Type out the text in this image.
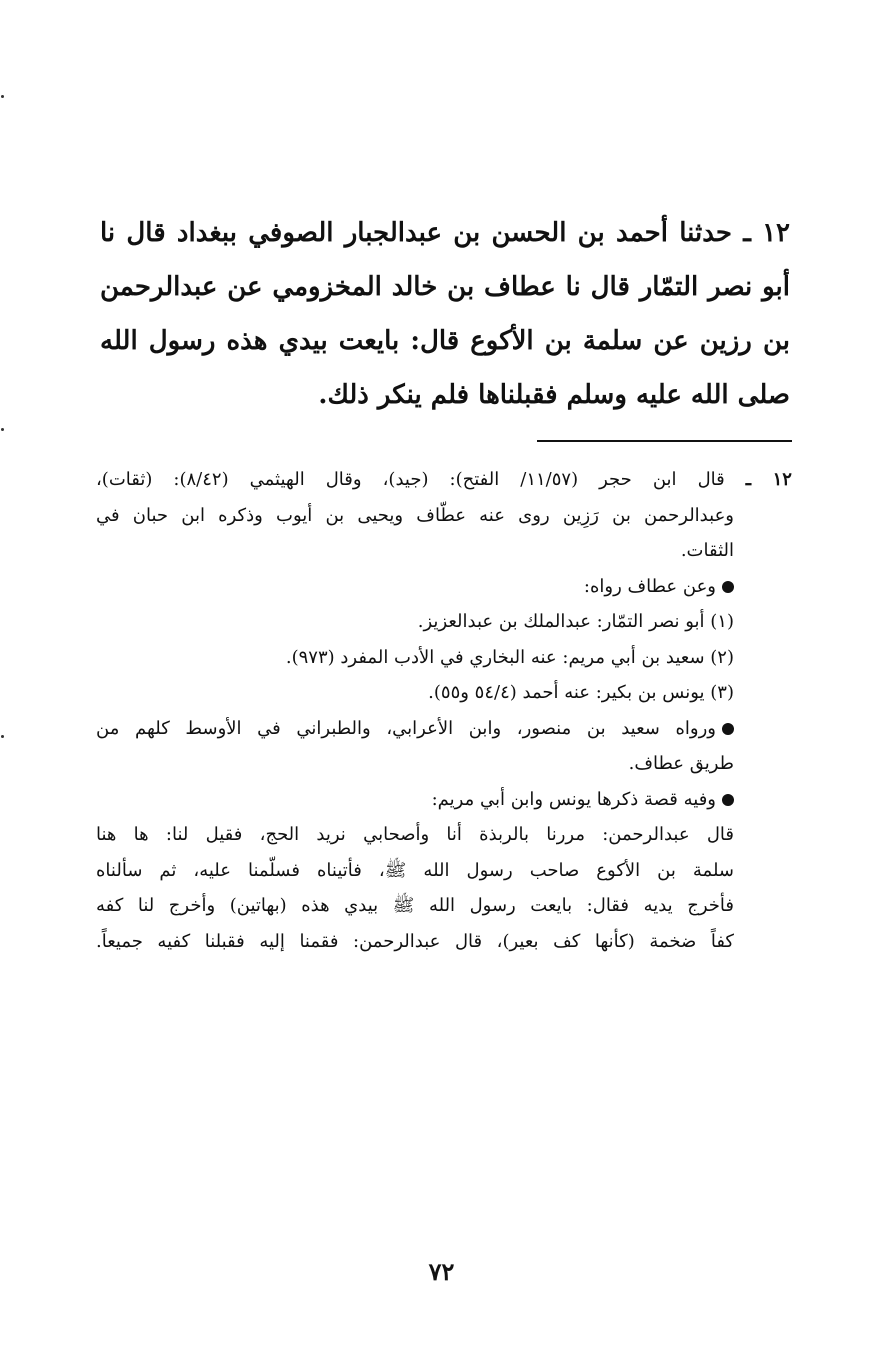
١٢ ـ حدثنا أحمد بن الحسن بن عبدالجبار الصوفي ببغداد قال نا أبو نصر التمّار قال نا عطاف بن خالد المخزومي عن عبدالرحمن بن رزين عن سلمة بن الأكوع قال: بايعت بيدي هذه رسول الله صلى الله عليه وسلم فقبلناها فلم ينكر ذلك.
١٢ ـ قال ابن حجر (١١/٥٧/ الفتح): (جيد)، وقال الهيثمي (٨/٤٢): (ثقات)،
وعبدالرحمن بن رَزِين روى عنه عطّاف ويحيى بن أيوب وذكره ابن حبان في
الثقات.
وعن عطاف رواه:
(١) أبو نصر التمّار: عبدالملك بن عبدالعزيز.
(٢) سعيد بن أبي مريم: عنه البخاري في الأدب المفرد (٩٧٣).
(٣) يونس بن بكير: عنه أحمد (٥٤/٤ و٥٥).
ورواه سعيد بن منصور، وابن الأعرابي، والطبراني في الأوسط كلهم من
طريق عطاف.
وفيه قصة ذكرها يونس وابن أبي مريم:
قال عبدالرحمن: مررنا بالربذة أنا وأصحابي نريد الحج، فقيل لنا: ها هنا
سلمة بن الأكوع صاحب رسول الله ﷺ، فأتيناه فسلّمنا عليه، ثم سألناه
فأخرج يديه فقال: بايعت رسول الله ﷺ بيدي هذه (بهاتين) وأخرج لنا كفه
كفاً ضخمة (كأنها كف بعير)، قال عبدالرحمن: فقمنا إليه فقبلنا كفيه جميعاً.
٧٢
